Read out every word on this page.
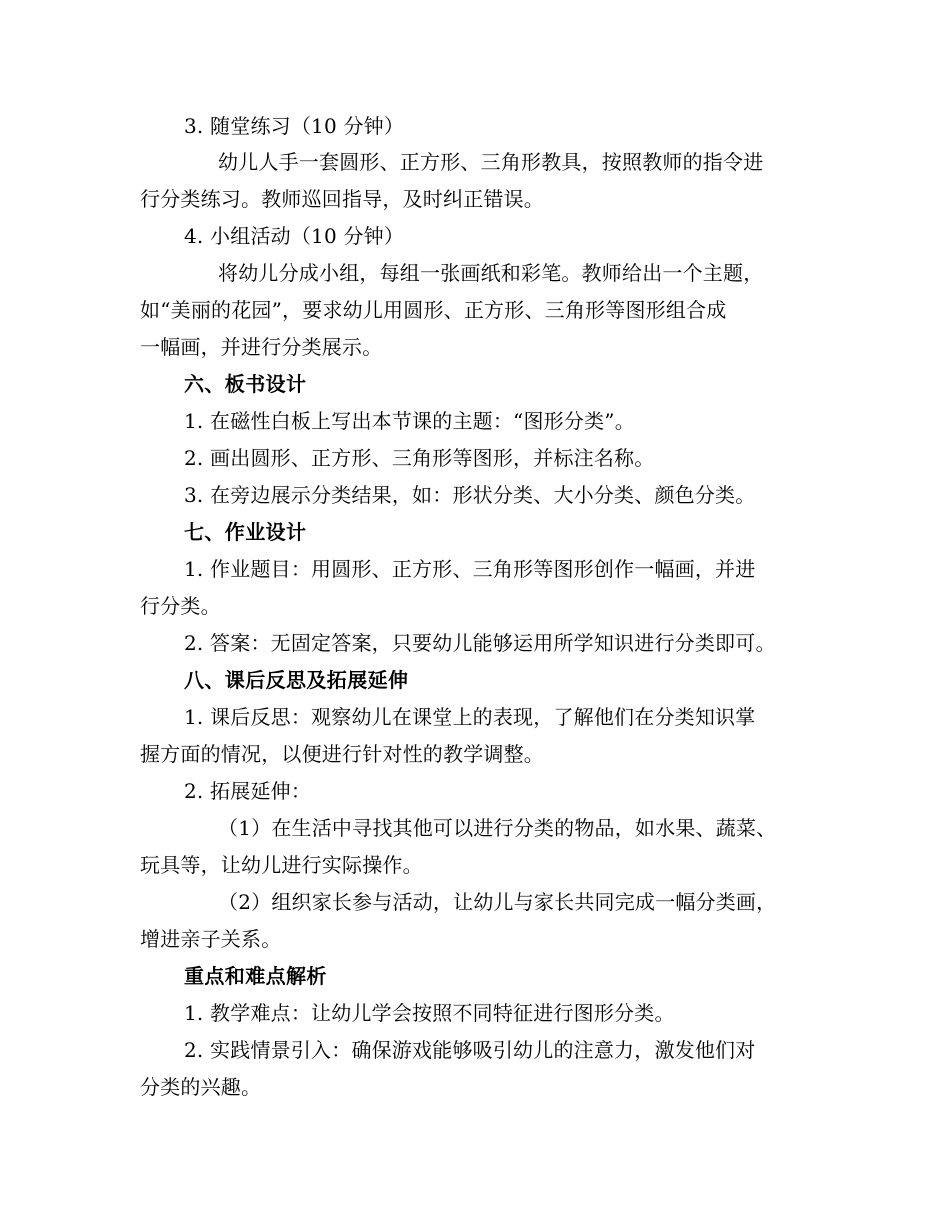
3. 随堂练习（10 分钟）
幼儿人手一套圆形、正方形、三角形教具，按照教师的指令进
行分类练习。教师巡回指导，及时纠正错误。
4. 小组活动（10 分钟）
将幼儿分成小组，每组一张画纸和彩笔。教师给出一个主题，
如“美丽的花园”，要求幼儿用圆形、正方形、三角形等图形组合成
一幅画，并进行分类展示。
六、板书设计
1. 在磁性白板上写出本节课的主题：“图形分类”。
2. 画出圆形、正方形、三角形等图形，并标注名称。
3. 在旁边展示分类结果，如：形状分类、大小分类、颜色分类。
七、作业设计
1. 作业题目：用圆形、正方形、三角形等图形创作一幅画，并进
行分类。
2. 答案：无固定答案，只要幼儿能够运用所学知识进行分类即可。
八、课后反思及拓展延伸
1. 课后反思：观察幼儿在课堂上的表现，了解他们在分类知识掌
握方面的情况，以便进行针对性的教学调整。
2. 拓展延伸：
（1）在生活中寻找其他可以进行分类的物品，如水果、蔬菜、
玩具等，让幼儿进行实际操作。
（2）组织家长参与活动，让幼儿与家长共同完成一幅分类画，
增进亲子关系。
重点和难点解析
1. 教学难点：让幼儿学会按照不同特征进行图形分类。
2. 实践情景引入：确保游戏能够吸引幼儿的注意力，激发他们对
分类的兴趣。
